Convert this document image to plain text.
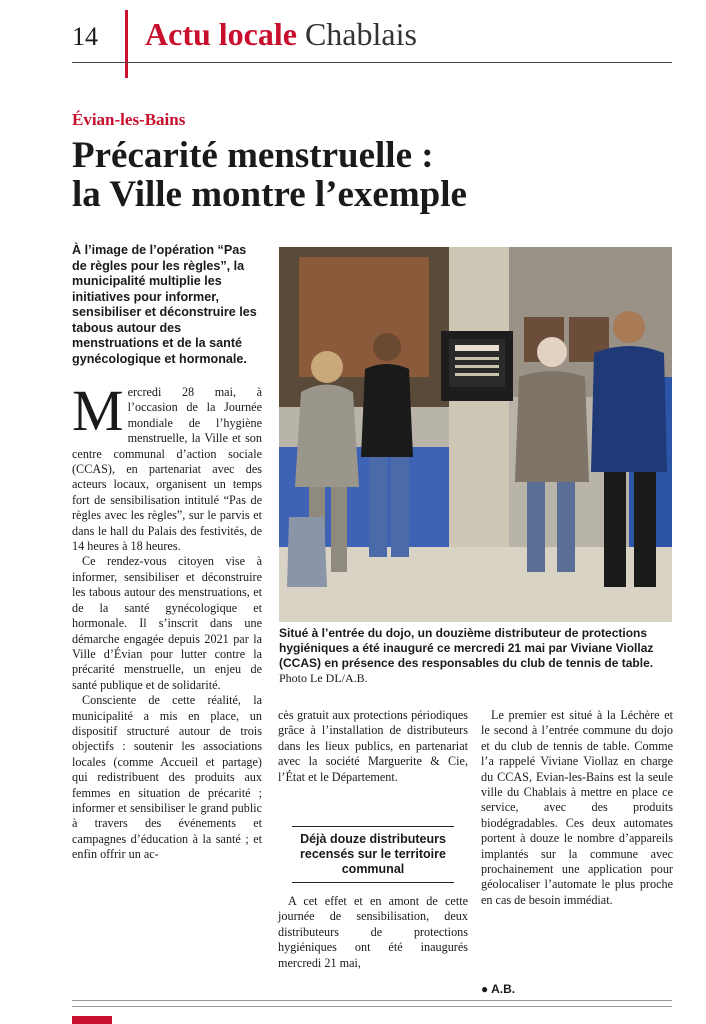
14 Actu locale Chablais
Évian-les-Bains
Précarité menstruelle :
la Ville montre l’exemple
À l’image de l’opération “Pas de règles pour les règles”, la municipalité multiplie les initiatives pour informer, sensibiliser et déconstruire les tabous autour des menstruations et de la santé gynécologique et hormonale.

Mercredi 28 mai, à l’occasion de la Journée mondiale de l’hygiène menstruelle, la Ville et son centre communal d’action sociale (CCAS), en partenariat avec des acteurs locaux, organisent un temps fort de sensibilisation intitulé “Pas de règles avec les règles”, sur le parvis et dans le hall du Palais des festivités, de 14 heures à 18 heures.

Ce rendez-vous citoyen vise à informer, sensibiliser et déconstruire les tabous autour des menstruations, et de la santé gynécologique et hormonale. Il s’inscrit dans une démarche engagée depuis 2021 par la Ville d’Évian pour lutter contre la précarité menstruelle, un enjeu de santé publique et de solidarité.

Consciente de cette réalité, la municipalité a mis en place, un dispositif structuré autour de trois objectifs : soutenir les associations locales (comme Accueil et partage) qui redistribuent des produits aux femmes en situation de précarité ; informer et sensibiliser le grand public à travers des événements et campagnes d’éducation à la santé ; et enfin offrir un ac-

Situé à l’entrée du dojo, un douzième distributeur de protections hygiéniques a été inauguré ce mercredi 21 mai par Viviane Viollaz (CCAS) en présence des responsables du club de tennis de table. Photo Le DL/A.B.

cès gratuit aux protections périodiques grâce à l’installation de distributeurs dans les lieux publics, en partenariat avec la société Marguerite & Cie, l’État et le Département.

Déjà douze distributeurs recensés sur le territoire communal

A cet effet et en amont de cette journée de sensibilisation, deux distributeurs de protections hygiéniques ont été inaugurés mercredi 21 mai,

Le premier est situé à la Léchère et le second à l’entrée commune du dojo et du club de tennis de table. Comme l’a rappelé Viviane Viollaz en charge du CCAS, Evian-les-Bains est la seule ville du Chablais à mettre en place ce service, avec des produits biodégradables. Ces deux automates portent à douze le nombre d’appareils implantés sur la commune avec prochainement une application pour géolocaliser l’automate le plus proche en cas de besoin immédiat.

● A.B.
